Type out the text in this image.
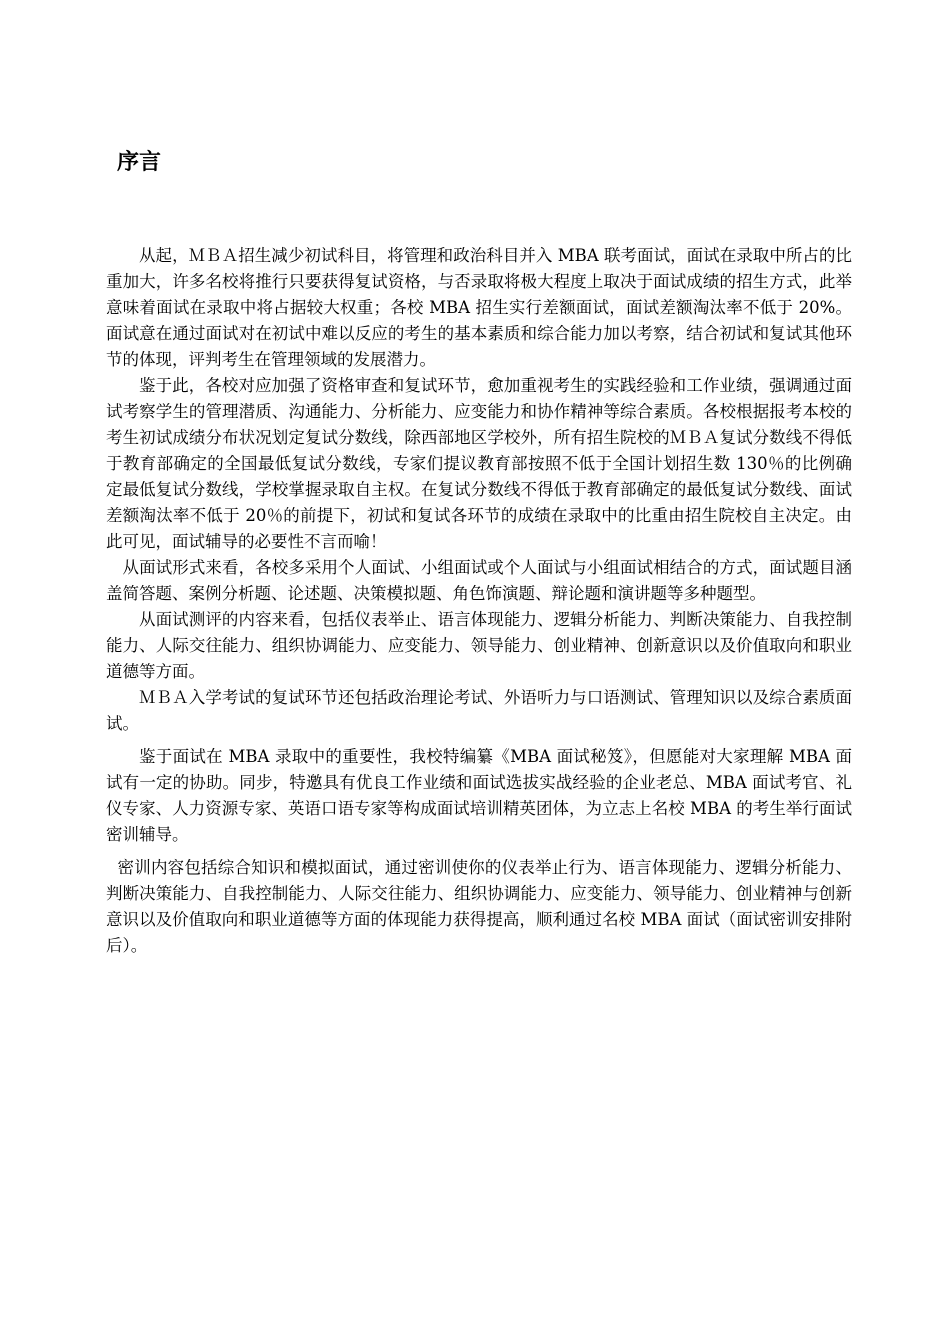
序言

从起，ＭＢＡ招生减少初试科目，将管理和政治科目并入 MBA 联考面试，面试在录取中所占的比重加大，许多名校将推行只要获得复试资格，与否录取将极大程度上取决于面试成绩的招生方式，此举意味着面试在录取中将占据较大权重；各校 MBA 招生实行差额面试，面试差额淘汰率不低于 20%。面试意在通过面试对在初试中难以反应的考生的基本素质和综合能力加以考察，结合初试和复试其他环节的体现，评判考生在管理领域的发展潜力。

鉴于此，各校对应加强了资格审查和复试环节，愈加重视考生的实践经验和工作业绩，强调通过面试考察学生的管理潜质、沟通能力、分析能力、应变能力和协作精神等综合素质。各校根据报考本校的考生初试成绩分布状况划定复试分数线，除西部地区学校外，所有招生院校的ＭＢＡ复试分数线不得低于教育部确定的全国最低复试分数线，专家们提议教育部按照不低于全国计划招生数 130％的比例确定最低复试分数线，学校掌握录取自主权。在复试分数线不得低于教育部确定的最低复试分数线、面试差额淘汰率不低于 20％的前提下，初试和复试各环节的成绩在录取中的比重由招生院校自主决定。由此可见，面试辅导的必要性不言而喻！

从面试形式来看，各校多采用个人面试、小组面试或个人面试与小组面试相结合的方式，面试题目涵盖简答题、案例分析题、论述题、决策模拟题、角色饰演题、辩论题和演讲题等多种题型。

从面试测评的内容来看，包括仪表举止、语言体现能力、逻辑分析能力、判断决策能力、自我控制能力、人际交往能力、组织协调能力、应变能力、领导能力、创业精神、创新意识以及价值取向和职业道德等方面。

ＭＢＡ入学考试的复试环节还包括政治理论考试、外语听力与口语测试、管理知识以及综合素质面试。

鉴于面试在 MBA 录取中的重要性，我校特编纂《MBA 面试秘笈》，但愿能对大家理解 MBA 面试有一定的协助。同步，特邀具有优良工作业绩和面试选拔实战经验的企业老总、MBA 面试考官、礼仪专家、人力资源专家、英语口语专家等构成面试培训精英团体，为立志上名校 MBA 的考生举行面试密训辅导。

密训内容包括综合知识和模拟面试，通过密训使你的仪表举止行为、语言体现能力、逻辑分析能力、判断决策能力、自我控制能力、人际交往能力、组织协调能力、应变能力、领导能力、创业精神与创新意识以及价值取向和职业道德等方面的体现能力获得提高，顺利通过名校 MBA 面试（面试密训安排附后）。
